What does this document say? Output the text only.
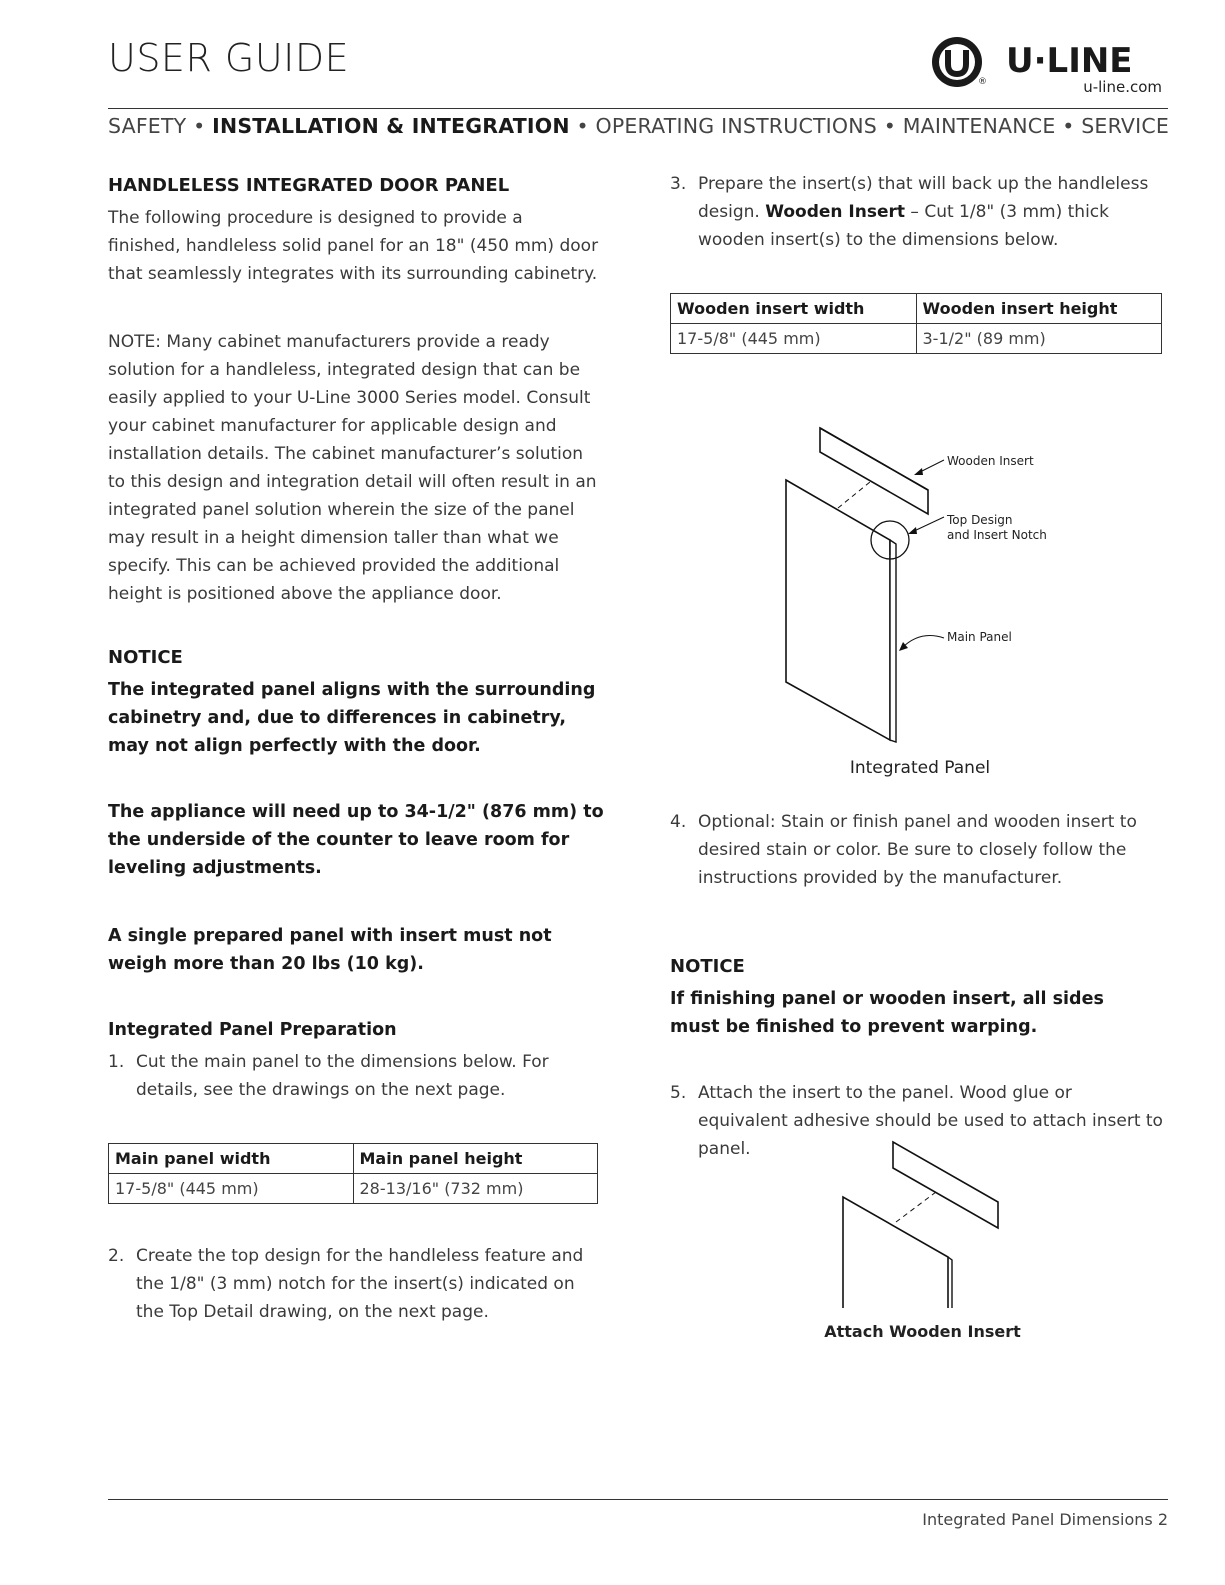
USER GUIDE
®
U·LINE
u-line.com
SAFETY • INSTALLATION & INTEGRATION • OPERATING INSTRUCTIONS • MAINTENANCE • SERVICE
HANDLELESS INTEGRATED DOOR PANEL
The following procedure is designed to provide a finished, handleless solid panel for an 18" (450 mm) door that seamlessly integrates with its surrounding cabinetry.
NOTE: Many cabinet manufacturers provide a ready solution for a handleless, integrated design that can be easily applied to your U-Line 3000 Series model. Consult your cabinet manufacturer for applicable design and installation details. The cabinet manufacturer’s solution to this design and integration detail will often result in an integrated panel solution wherein the size of the panel may result in a height dimension taller than what we specify. This can be achieved provided the additional height is positioned above the appliance door.
NOTICE
The integrated panel aligns with the surrounding cabinetry and, due to differences in cabinetry, may not align perfectly with the door.
The appliance will need up to 34-1/2" (876 mm) to the underside of the counter to leave room for leveling adjustments.
A single prepared panel with insert must not weigh more than 20 lbs (10 kg).
Integrated Panel Preparation
1. Cut the main panel to the dimensions below. For details, see the drawings on the next page.
Main panel width	Main panel height
17-5/8" (445 mm)	28-13/16" (732 mm)
2. Create the top design for the handleless feature and the 1/8" (3 mm) notch for the insert(s) indicated on the Top Detail drawing, on the next page.
3. Prepare the insert(s) that will back up the handleless design. Wooden Insert – Cut 1/8" (3 mm) thick wooden insert(s) to the dimensions below.
Wooden insert width	Wooden insert height
17-5/8" (445 mm)	3-1/2" (89 mm)
Wooden Insert
Top Design
and Insert Notch
Main Panel
Integrated Panel
4. Optional: Stain or finish panel and wooden insert to desired stain or color. Be sure to closely follow the instructions provided by the manufacturer.
NOTICE
If finishing panel or wooden insert, all sides must be finished to prevent warping.
5. Attach the insert to the panel. Wood glue or equivalent adhesive should be used to attach insert to panel.
Attach Wooden Insert
Integrated Panel Dimensions 2
